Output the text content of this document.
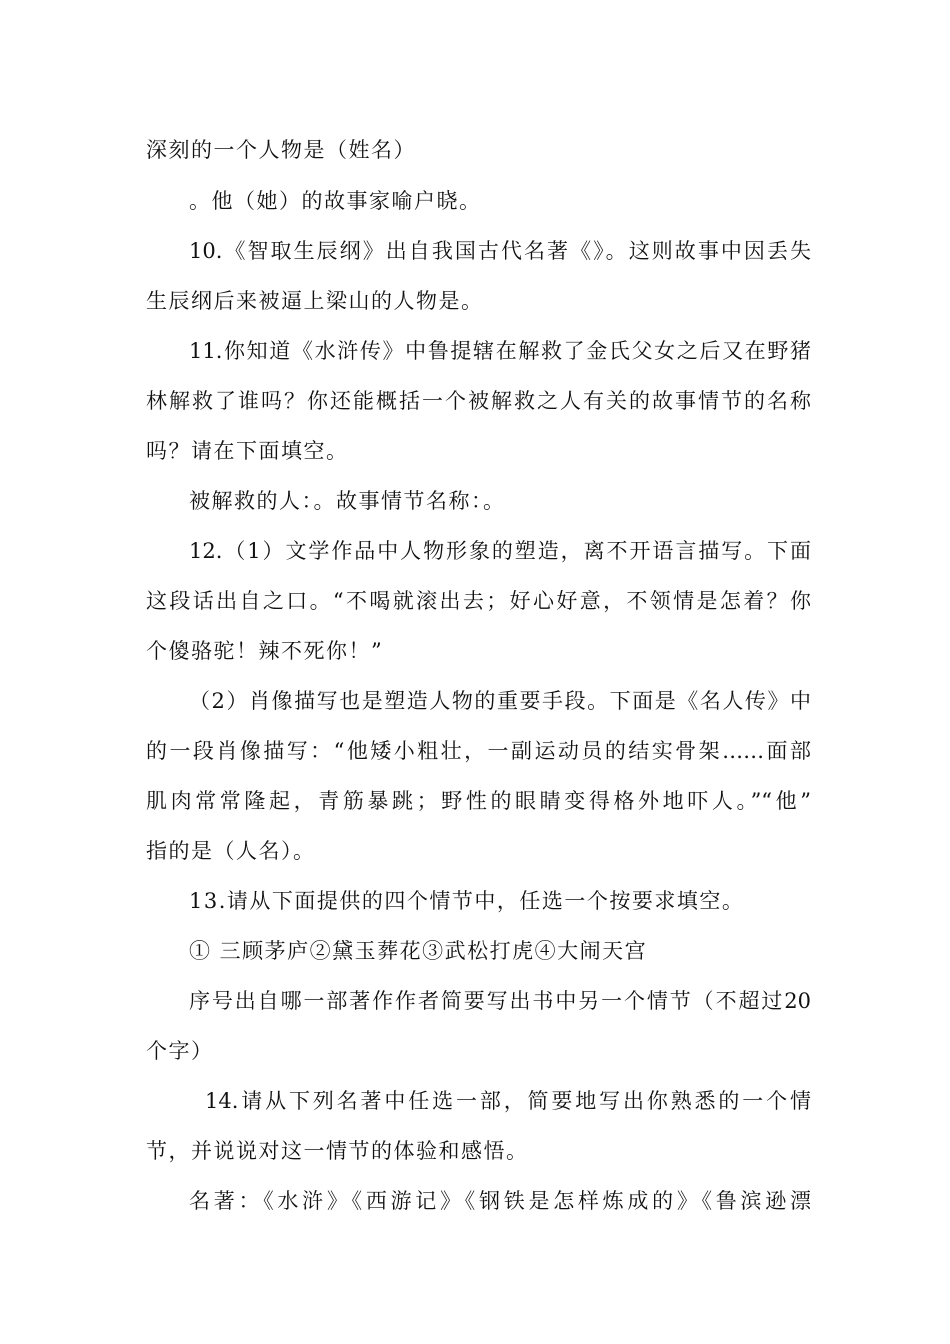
深刻的一个人物是（姓名）
。他（她）的故事家喻户晓。
10.《智取生辰纲》出自我国古代名著《》。这则故事中因丢失
生辰纲后来被逼上梁山的人物是。
11.你知道《水浒传》中鲁提辖在解救了金氏父女之后又在野猪
林解救了谁吗？你还能概括一个被解救之人有关的故事情节的名称
吗？请在下面填空。
被解救的人：。故事情节名称：。
12.（1）文学作品中人物形象的塑造，离不开语言描写。下面
这段话出自之口。“不喝就滚出去；好心好意，不领情是怎着？你
个傻骆驼！辣不死你！”
（2）肖像描写也是塑造人物的重要手段。下面是《名人传》中
的一段肖像描写：“他矮小粗壮，一副运动员的结实骨架……面部
肌肉常常隆起，青筋暴跳；野性的眼睛变得格外地吓人。”“他”
指的是（人名）。
13.请从下面提供的四个情节中，任选一个按要求填空。
① 三顾茅庐②黛玉葬花③武松打虎④大闹天宫
序号出自哪一部著作作者简要写出书中另一个情节（不超过20
个字）
14.请从下列名著中任选一部，简要地写出你熟悉的一个情
节，并说说对这一情节的体验和感悟。
名著：《水浒》《西游记》《钢铁是怎样炼成的》《鲁滨逊漂
